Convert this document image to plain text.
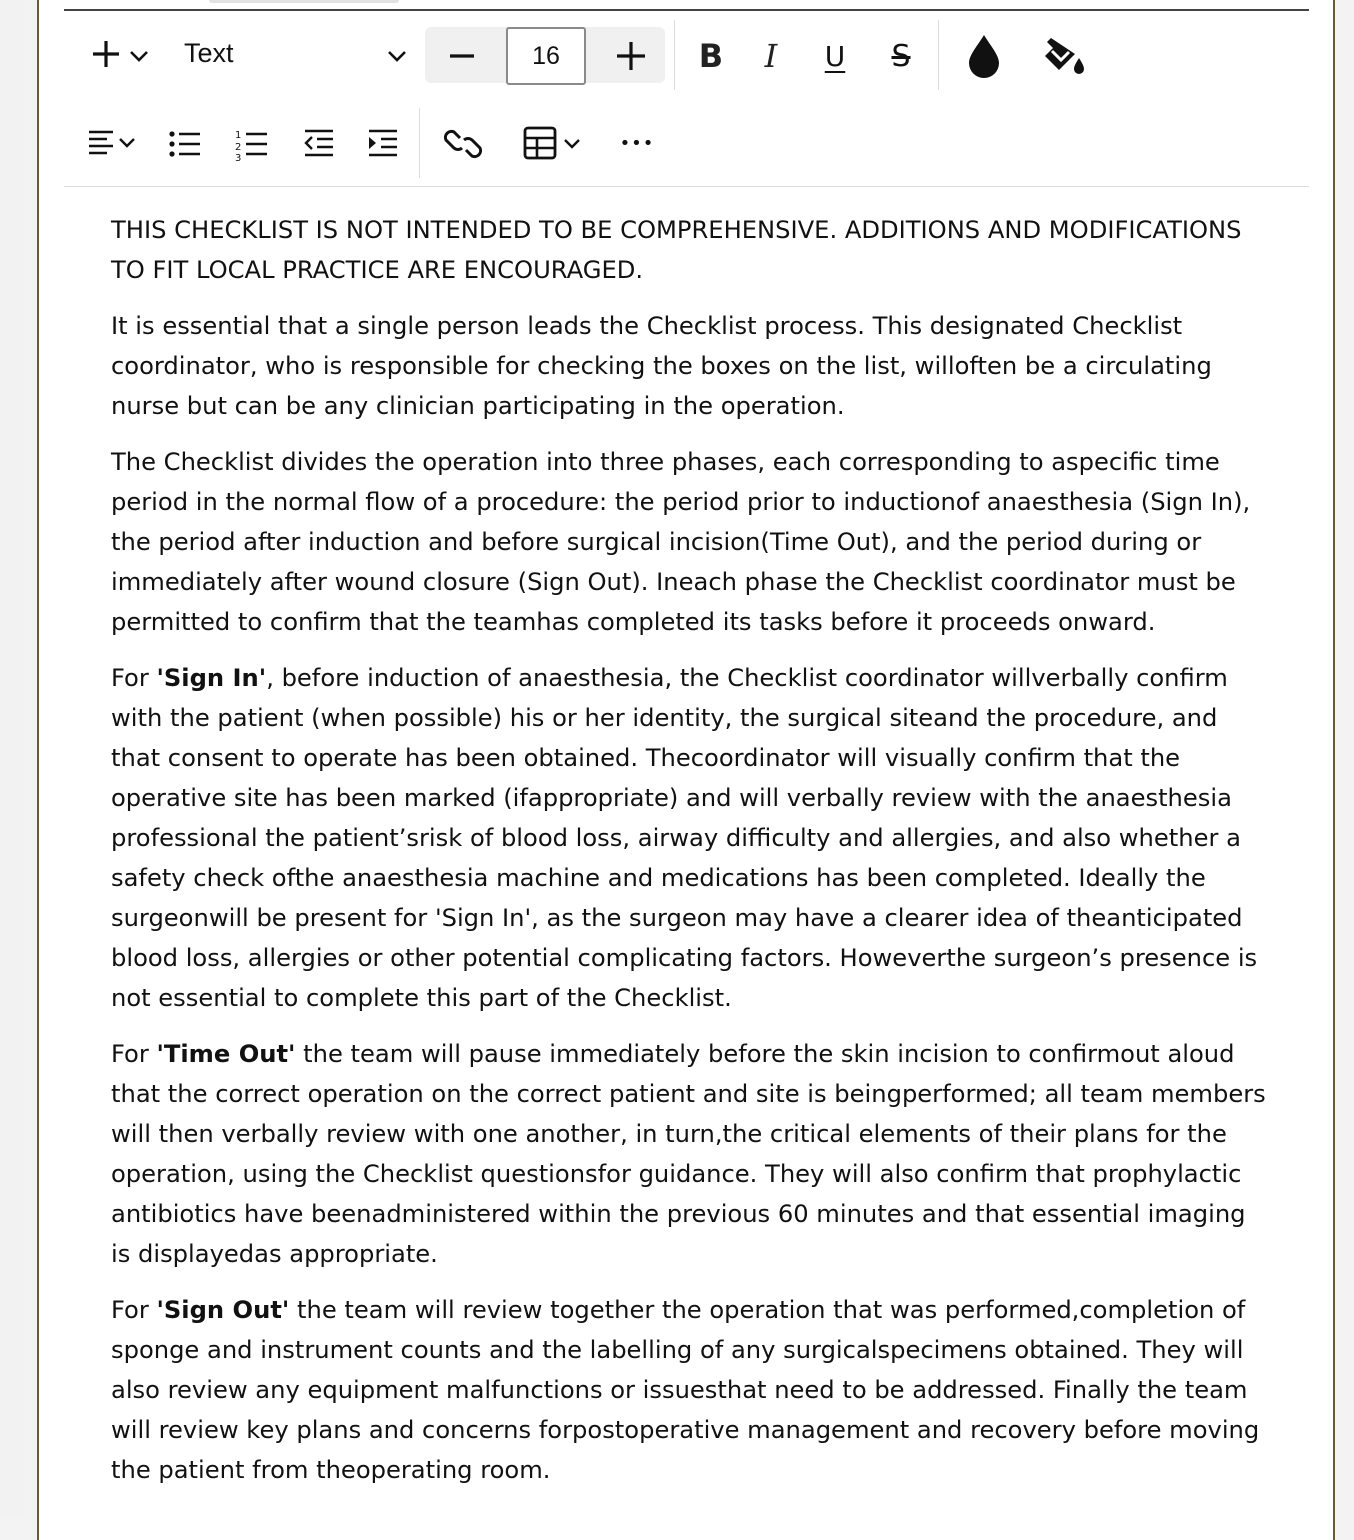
Text	16	B I U S
1
2
3
•••

THIS CHECKLIST IS NOT INTENDED TO BE COMPREHENSIVE. ADDITIONS AND MODIFICATIONS TO FIT LOCAL PRACTICE ARE ENCOURAGED.

It is essential that a single person leads the Checklist process. This designated Checklist coordinator, who is responsible for checking the boxes on the list, willoften be a circulating nurse but can be any clinician participating in the operation.

The Checklist divides the operation into three phases, each corresponding to aspecific time period in the normal flow of a procedure: the period prior to inductionof anaesthesia (Sign In), the period after induction and before surgical incision(Time Out), and the period during or immediately after wound closure (Sign Out). Ineach phase the Checklist coordinator must be permitted to confirm that the teamhas completed its tasks before it proceeds onward.

For 'Sign In', before induction of anaesthesia, the Checklist coordinator willverbally confirm with the patient (when possible) his or her identity, the surgical siteand the procedure, and that consent to operate has been obtained. Thecoordinator will visually confirm that the operative site has been marked (ifappropriate) and will verbally review with the anaesthesia professional the patient’srisk of blood loss, airway difficulty and allergies, and also whether a safety check ofthe anaesthesia machine and medications has been completed. Ideally the surgeonwill be present for 'Sign In', as the surgeon may have a clearer idea of theanticipated blood loss, allergies or other potential complicating factors. Howeverthe surgeon’s presence is not essential to complete this part of the Checklist.

For 'Time Out' the team will pause immediately before the skin incision to confirmout aloud that the correct operation on the correct patient and site is beingperformed; all team members will then verbally review with one another, in turn,the critical elements of their plans for the operation, using the Checklist questionsfor guidance. They will also confirm that prophylactic antibiotics have beenadministered within the previous 60 minutes and that essential imaging is displayedas appropriate.

For 'Sign Out' the team will review together the operation that was performed,completion of sponge and instrument counts and the labelling of any surgicalspecimens obtained. They will also review any equipment malfunctions or issuesthat need to be addressed. Finally the team will review key plans and concerns forpostoperative management and recovery before moving the patient from theoperating room.
